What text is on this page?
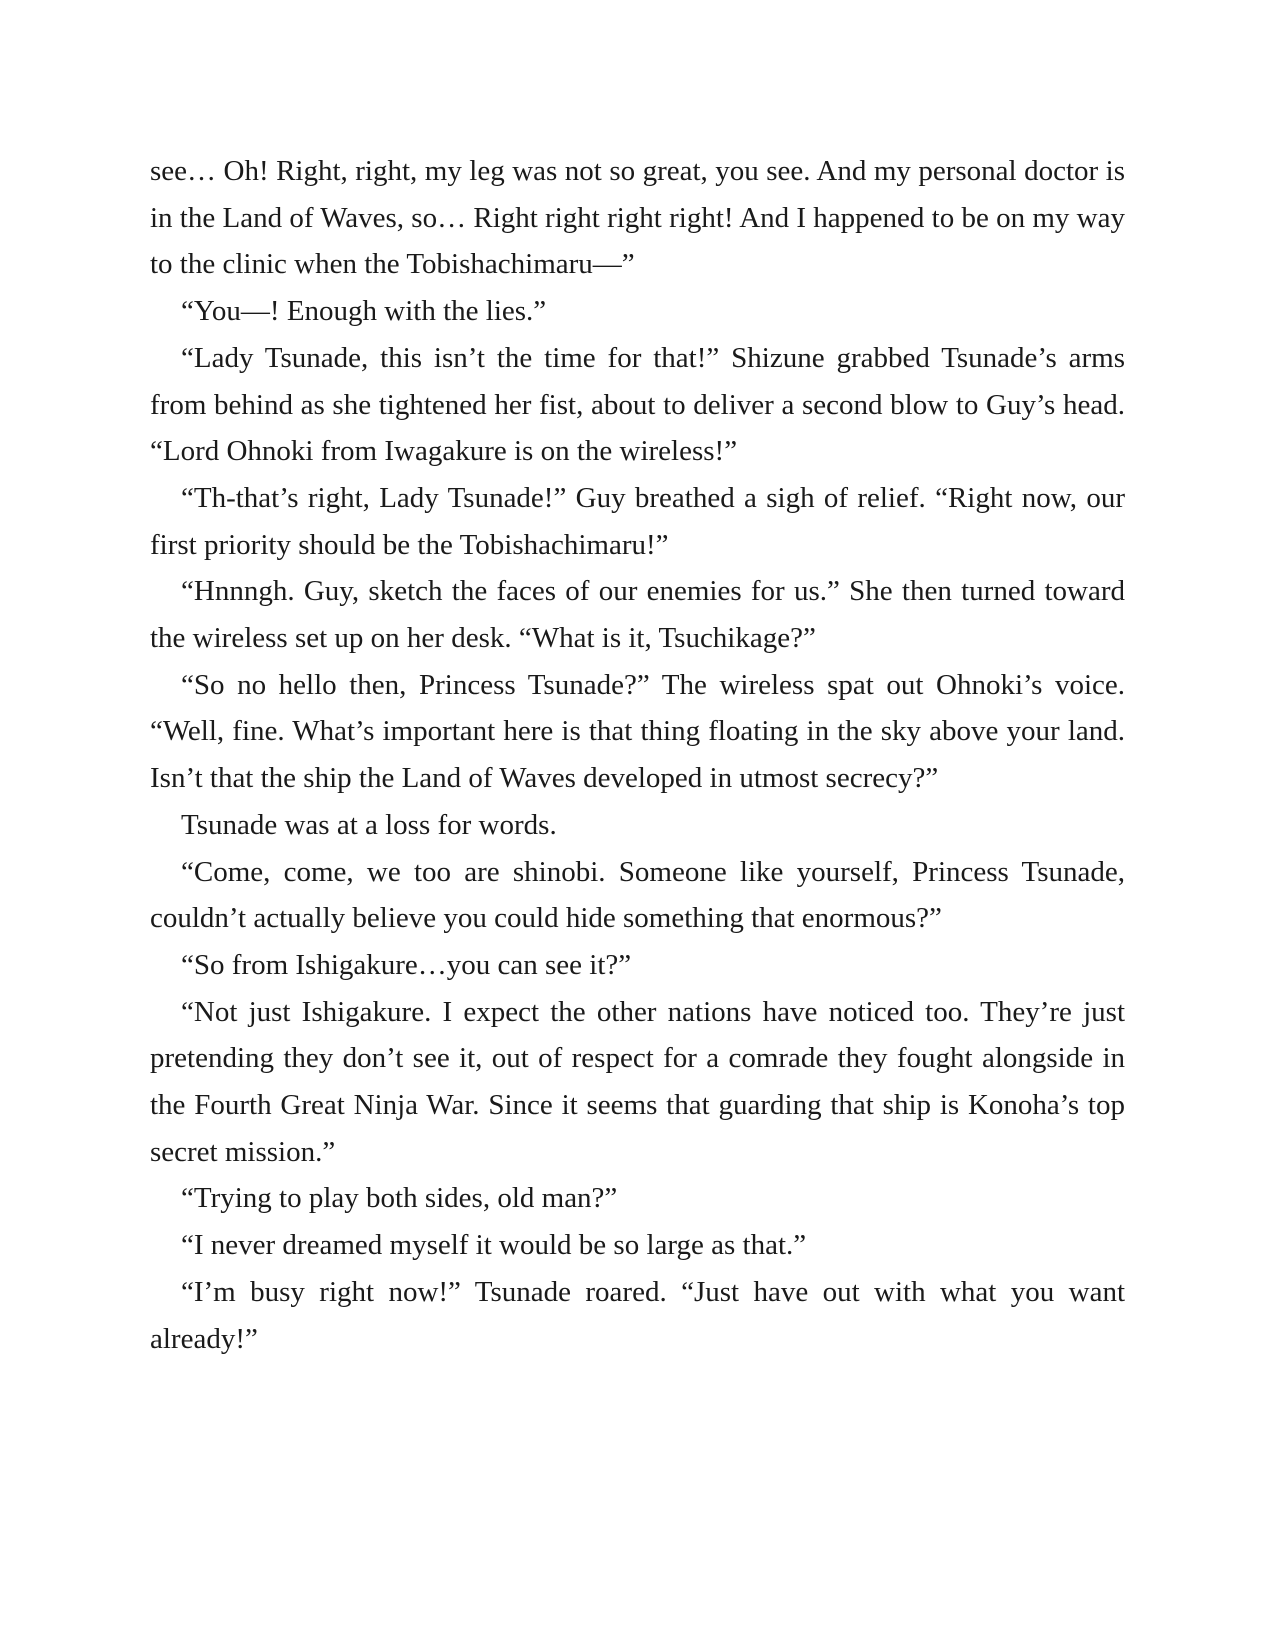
see… Oh! Right, right, my leg was not so great, you see. And my personal doctor is in the Land of Waves, so… Right right right right! And I happened to be on my way to the clinic when the Tobishachimaru—”

“You—! Enough with the lies.”

“Lady Tsunade, this isn’t the time for that!” Shizune grabbed Tsunade’s arms from behind as she tightened her fist, about to deliver a second blow to Guy’s head. “Lord Ohnoki from Iwagakure is on the wireless!”

“Th-that’s right, Lady Tsunade!” Guy breathed a sigh of relief. “Right now, our first priority should be the Tobishachimaru!”

“Hnnngh. Guy, sketch the faces of our enemies for us.” She then turned toward the wireless set up on her desk. “What is it, Tsuchikage?”

“So no hello then, Princess Tsunade?” The wireless spat out Ohnoki’s voice. “Well, fine. What’s important here is that thing floating in the sky above your land. Isn’t that the ship the Land of Waves developed in utmost secrecy?”

Tsunade was at a loss for words.

“Come, come, we too are shinobi. Someone like yourself, Princess Tsunade, couldn’t actually believe you could hide something that enormous?”

“So from Ishigakure…you can see it?”

“Not just Ishigakure. I expect the other nations have noticed too. They’re just pretending they don’t see it, out of respect for a comrade they fought alongside in the Fourth Great Ninja War. Since it seems that guarding that ship is Konoha’s top secret mission.”

“Trying to play both sides, old man?”

“I never dreamed myself it would be so large as that.”

“I’m busy right now!” Tsunade roared. “Just have out with what you want already!”
